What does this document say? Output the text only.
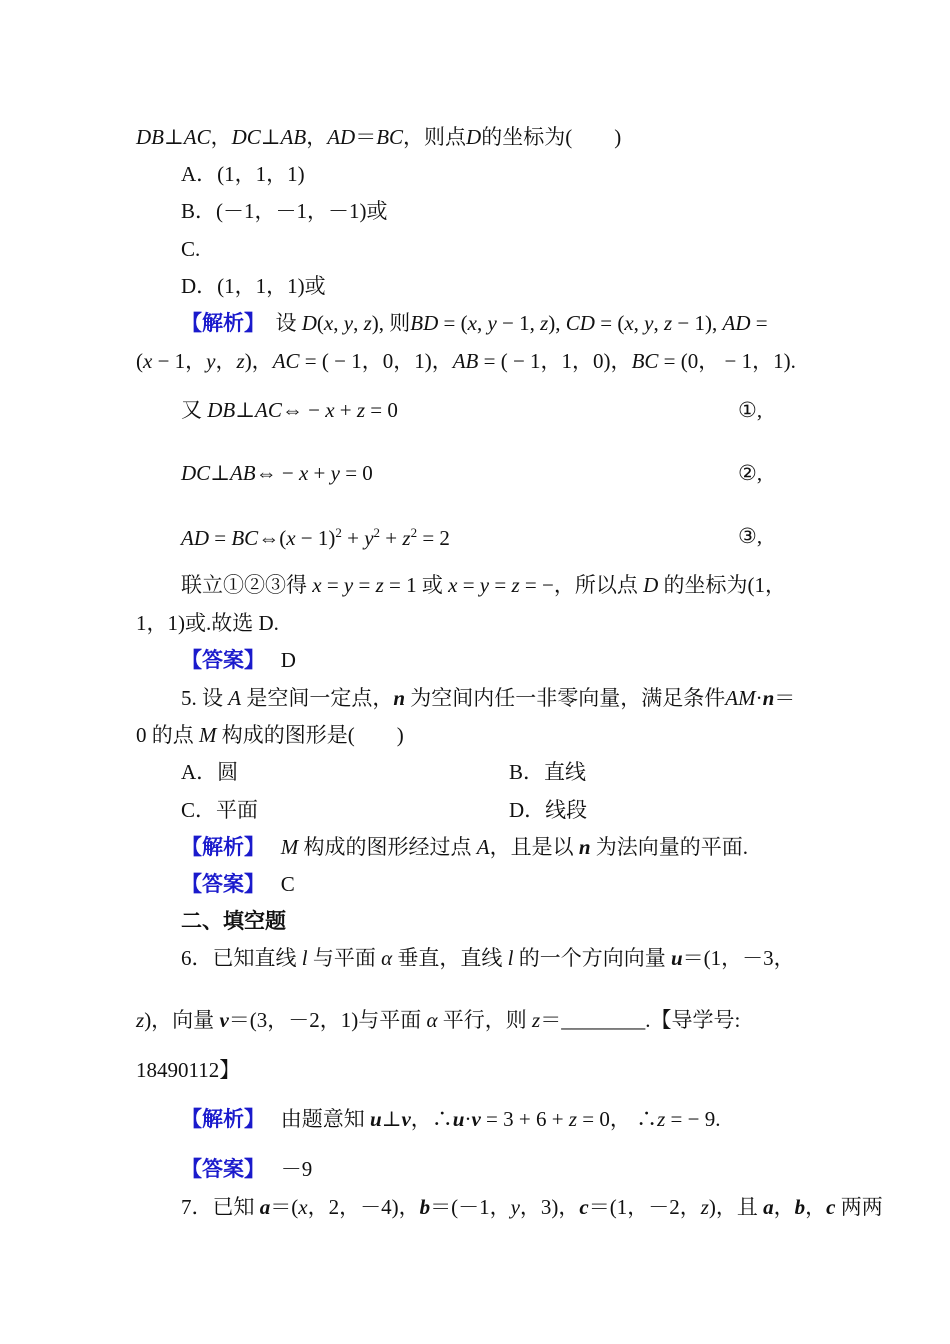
DB⊥AC，DC⊥AB，AD＝BC，则点D的坐标为(　　)
A．(1，1，1)
B．(－1，－1，－1)或
C.
D．(1，1，1)或
【解析】 设 D(x, y, z), 则BD = (x, y − 1, z), CD = (x, y, z − 1), AD =
(x − 1，y，z)，AC = ( − 1，0，1)，AB = ( − 1，1，0)，BC = (0， − 1，1).
又 DB⊥AC⇔ − x + z = 0	①,
DC⊥AB⇔ − x + y = 0	②,
AD = BC⇔(x − $1)^2 + y^2 + z^2 = 2$	③,
联立①②③得 x = y = z = 1 或 x = y = z = −，所以点 D 的坐标为(1，
1，1)或.故选 D.
【答案】 D
5. 设 A 是空间一定点，n 为空间内任一非零向量，满足条件AM·n＝
0 的点 M 构成的图形是(　　)
A．圆	B．直线
C．平面	D．线段
【解析】 M 构成的图形经过点 A，且是以 n 为法向量的平面.
【答案】 C
二、填空题
6．已知直线 l 与平面 α 垂直，直线 l 的一个方向向量 u＝(1，－3，
z)，向量 v＝(3，－2，1)与平面 α 平行，则 z＝________.【导学号:
18490112】
【解析】 由题意知 u⊥v，∴u·v = 3 + 6 + z = 0， ∴z = − 9.
【答案】 －9
7．已知 a＝(x，2，－4)，b＝(－1，y，3)，c＝(1，－2，z)，且 a，b，c 两两
